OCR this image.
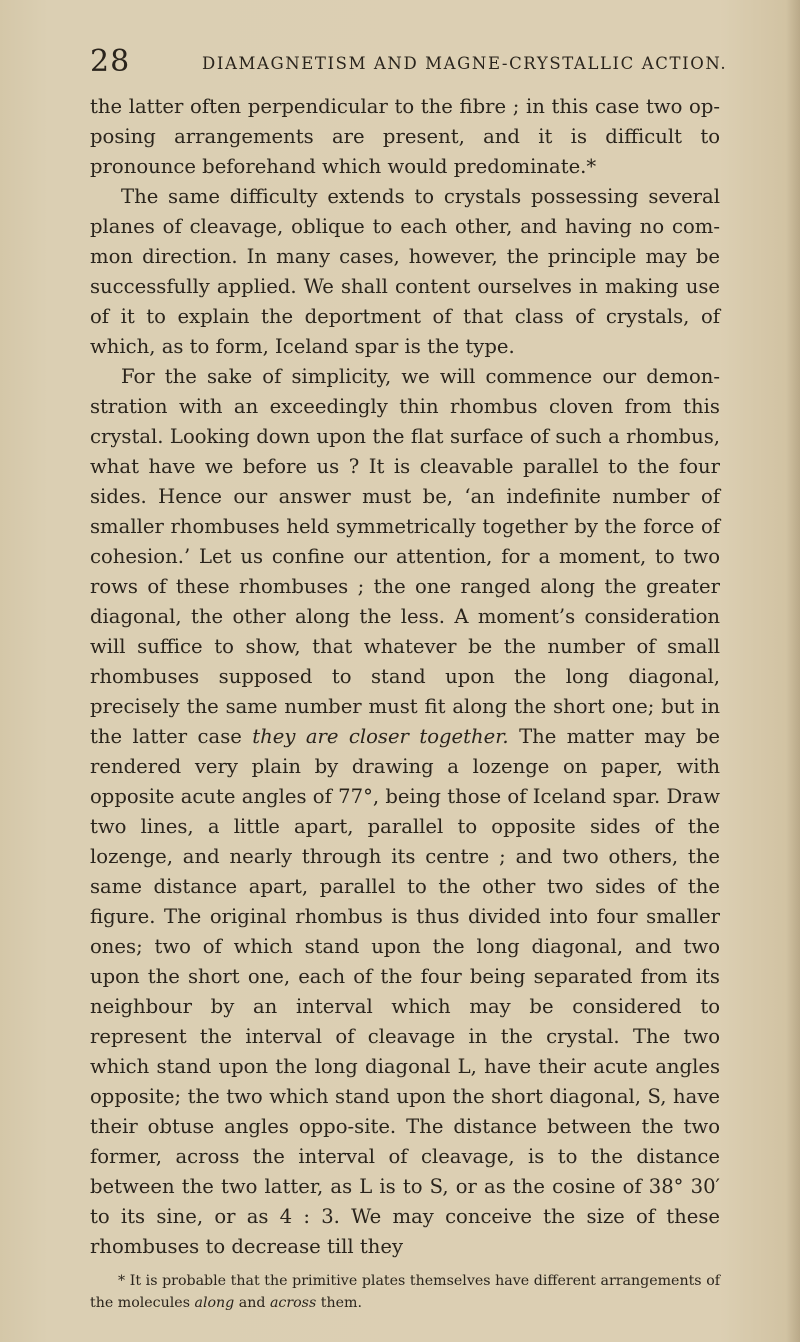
28	DIAMAGNETISM AND MAGNE-CRYSTALLIC ACTION.

the latter often perpendicular to the fibre ; in this case two op-posing arrangements are present, and it is difficult to pronounce beforehand which would predominate.*

The same difficulty extends to crystals possessing several planes of cleavage, oblique to each other, and having no com-mon direction. In many cases, however, the principle may be successfully applied. We shall content ourselves in making use of it to explain the deportment of that class of crystals, of which, as to form, Iceland spar is the type.

For the sake of simplicity, we will commence our demon-stration with an exceedingly thin rhombus cloven from this crystal. Looking down upon the flat surface of such a rhombus, what have we before us ? It is cleavable parallel to the four sides. Hence our answer must be, ‘an indefinite number of smaller rhombuses held symmetrically together by the force of cohesion.’ Let us confine our attention, for a moment, to two rows of these rhombuses ; the one ranged along the greater diagonal, the other along the less. A moment’s consideration will suffice to show, that whatever be the number of small rhombuses supposed to stand upon the long diagonal, precisely the same number must fit along the short one; but in the latter case they are closer together. The matter may be rendered very plain by drawing a lozenge on paper, with opposite acute angles of 77°, being those of Iceland spar. Draw two lines, a little apart, parallel to opposite sides of the lozenge, and nearly through its centre ; and two others, the same distance apart, parallel to the other two sides of the figure. The original rhombus is thus divided into four smaller ones; two of which stand upon the long diagonal, and two upon the short one, each of the four being separated from its neighbour by an interval which may be considered to represent the interval of cleavage in the crystal. The two which stand upon the long diagonal L, have their acute angles opposite; the two which stand upon the short diagonal, S, have their obtuse angles oppo-site. The distance between the two former, across the interval of cleavage, is to the distance between the two latter, as L is to S, or as the cosine of 38° 30′ to its sine, or as 4 : 3. We may conceive the size of these rhombuses to decrease till they

* It is probable that the primitive plates themselves have different arrangements of the molecules along and across them.
